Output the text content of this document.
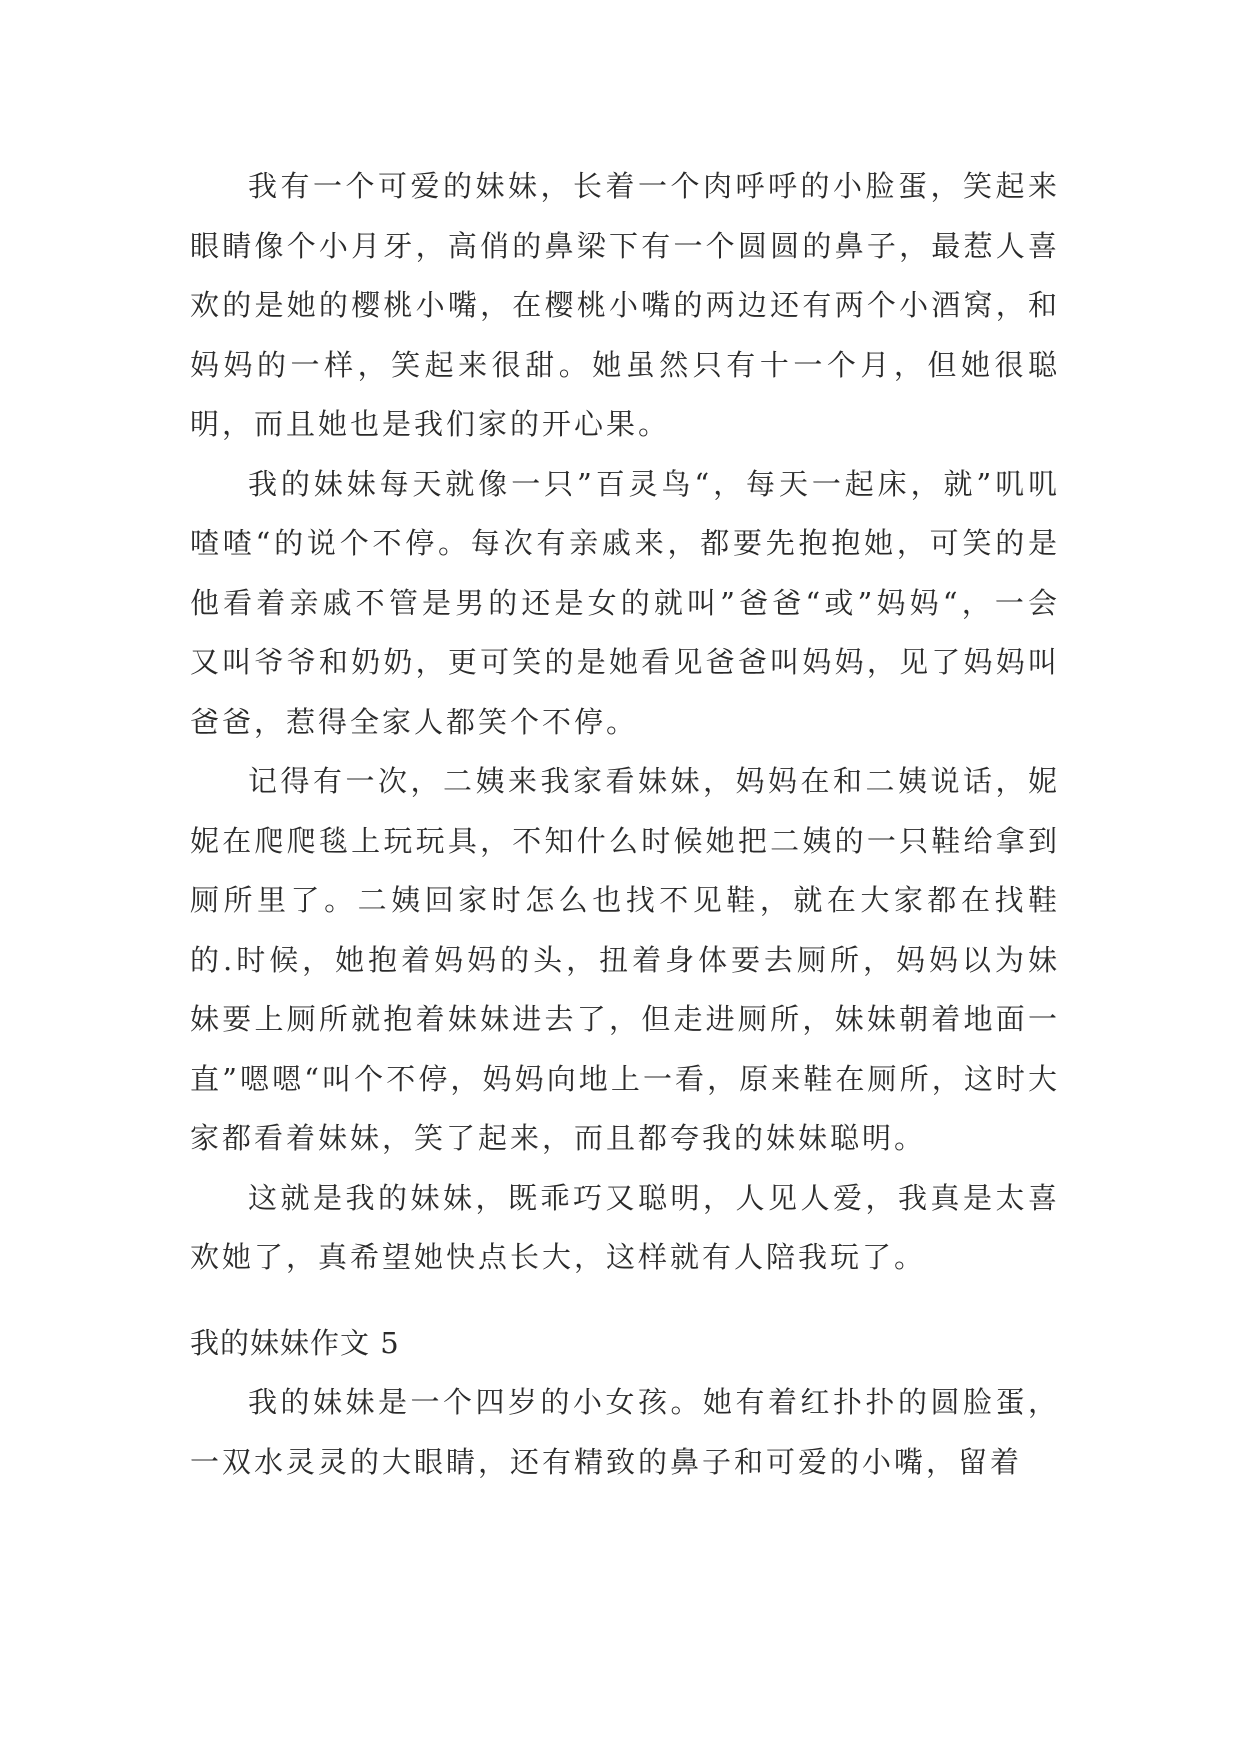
我有一个可爱的妹妹，长着一个肉呼呼的小脸蛋，笑起来眼睛像个小月牙，高俏的鼻梁下有一个圆圆的鼻子，最惹人喜欢的是她的樱桃小嘴，在樱桃小嘴的两边还有两个小酒窝，和妈妈的一样，笑起来很甜。她虽然只有十一个月，但她很聪明，而且她也是我们家的开心果。

我的妹妹每天就像一只”百灵鸟“，每天一起床，就”叽叽喳喳“的说个不停。每次有亲戚来，都要先抱抱她，可笑的是他看着亲戚不管是男的还是女的就叫”爸爸“或”妈妈“，一会又叫爷爷和奶奶，更可笑的是她看见爸爸叫妈妈，见了妈妈叫爸爸，惹得全家人都笑个不停。

记得有一次，二姨来我家看妹妹，妈妈在和二姨说话，妮妮在爬爬毯上玩玩具，不知什么时候她把二姨的一只鞋给拿到厕所里了。二姨回家时怎么也找不见鞋，就在大家都在找鞋的.时候，她抱着妈妈的头，扭着身体要去厕所，妈妈以为妹妹要上厕所就抱着妹妹进去了，但走进厕所，妹妹朝着地面一直”嗯嗯“叫个不停，妈妈向地上一看，原来鞋在厕所，这时大家都看着妹妹，笑了起来，而且都夸我的妹妹聪明。

这就是我的妹妹，既乖巧又聪明，人见人爱，我真是太喜欢她了，真希望她快点长大，这样就有人陪我玩了。

我的妹妹作文 5

我的妹妹是一个四岁的小女孩。她有着红扑扑的圆脸蛋，一双水灵灵的大眼睛，还有精致的鼻子和可爱的小嘴，留着
